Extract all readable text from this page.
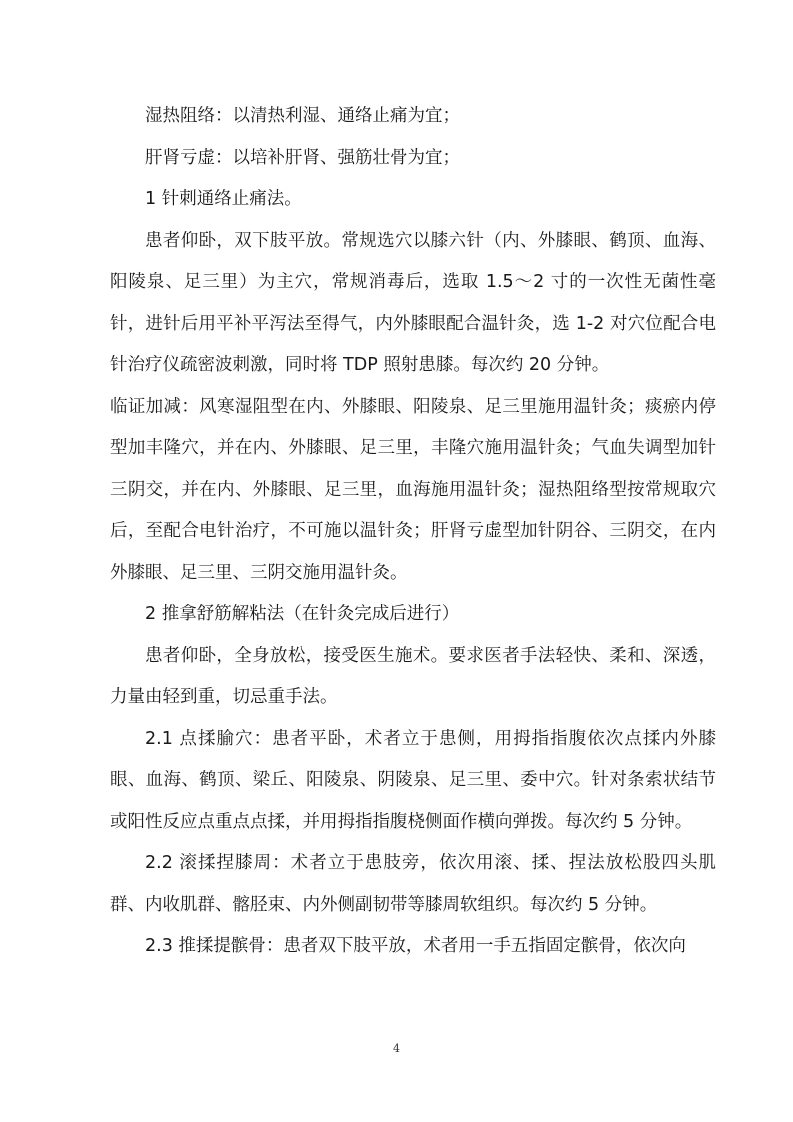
湿热阻络：以清热利湿、通络止痛为宜；

肝肾亏虚：以培补肝肾、强筋壮骨为宜；

1 针刺通络止痛法。

患者仰卧，双下肢平放。常规选穴以膝六针（内、外膝眼、鹤顶、血海、阳陵泉、足三里）为主穴，常规消毒后，选取 1.5～2 寸的一次性无菌性毫针，进针后用平补平泻法至得气，内外膝眼配合温针灸，选 1-2 对穴位配合电针治疗仪疏密波刺激，同时将 TDP 照射患膝。每次约 20 分钟。

临证加减：风寒湿阻型在内、外膝眼、阳陵泉、足三里施用温针灸；痰瘀内停型加丰隆穴，并在内、外膝眼、足三里，丰隆穴施用温针灸；气血失调型加针三阴交，并在内、外膝眼、足三里，血海施用温针灸；湿热阻络型按常规取穴后，至配合电针治疗，不可施以温针灸；肝肾亏虚型加针阴谷、三阴交，在内外膝眼、足三里、三阴交施用温针灸。

2 推拿舒筋解粘法（在针灸完成后进行）

患者仰卧，全身放松，接受医生施术。要求医者手法轻快、柔和、深透，力量由轻到重，切忌重手法。

2.1 点揉腧穴：患者平卧，术者立于患侧，用拇指指腹依次点揉内外膝眼、血海、鹤顶、梁丘、阳陵泉、阴陵泉、足三里、委中穴。针对条索状结节或阳性反应点重点点揉，并用拇指指腹桡侧面作横向弹拨。每次约 5 分钟。

2.2 滚揉捏膝周：术者立于患肢旁，依次用滚、揉、捏法放松股四头肌群、内收肌群、髂胫束、内外侧副韧带等膝周软组织。每次约 5 分钟。

2.3 推揉提髌骨：患者双下肢平放，术者用一手五指固定髌骨，依次向

4
